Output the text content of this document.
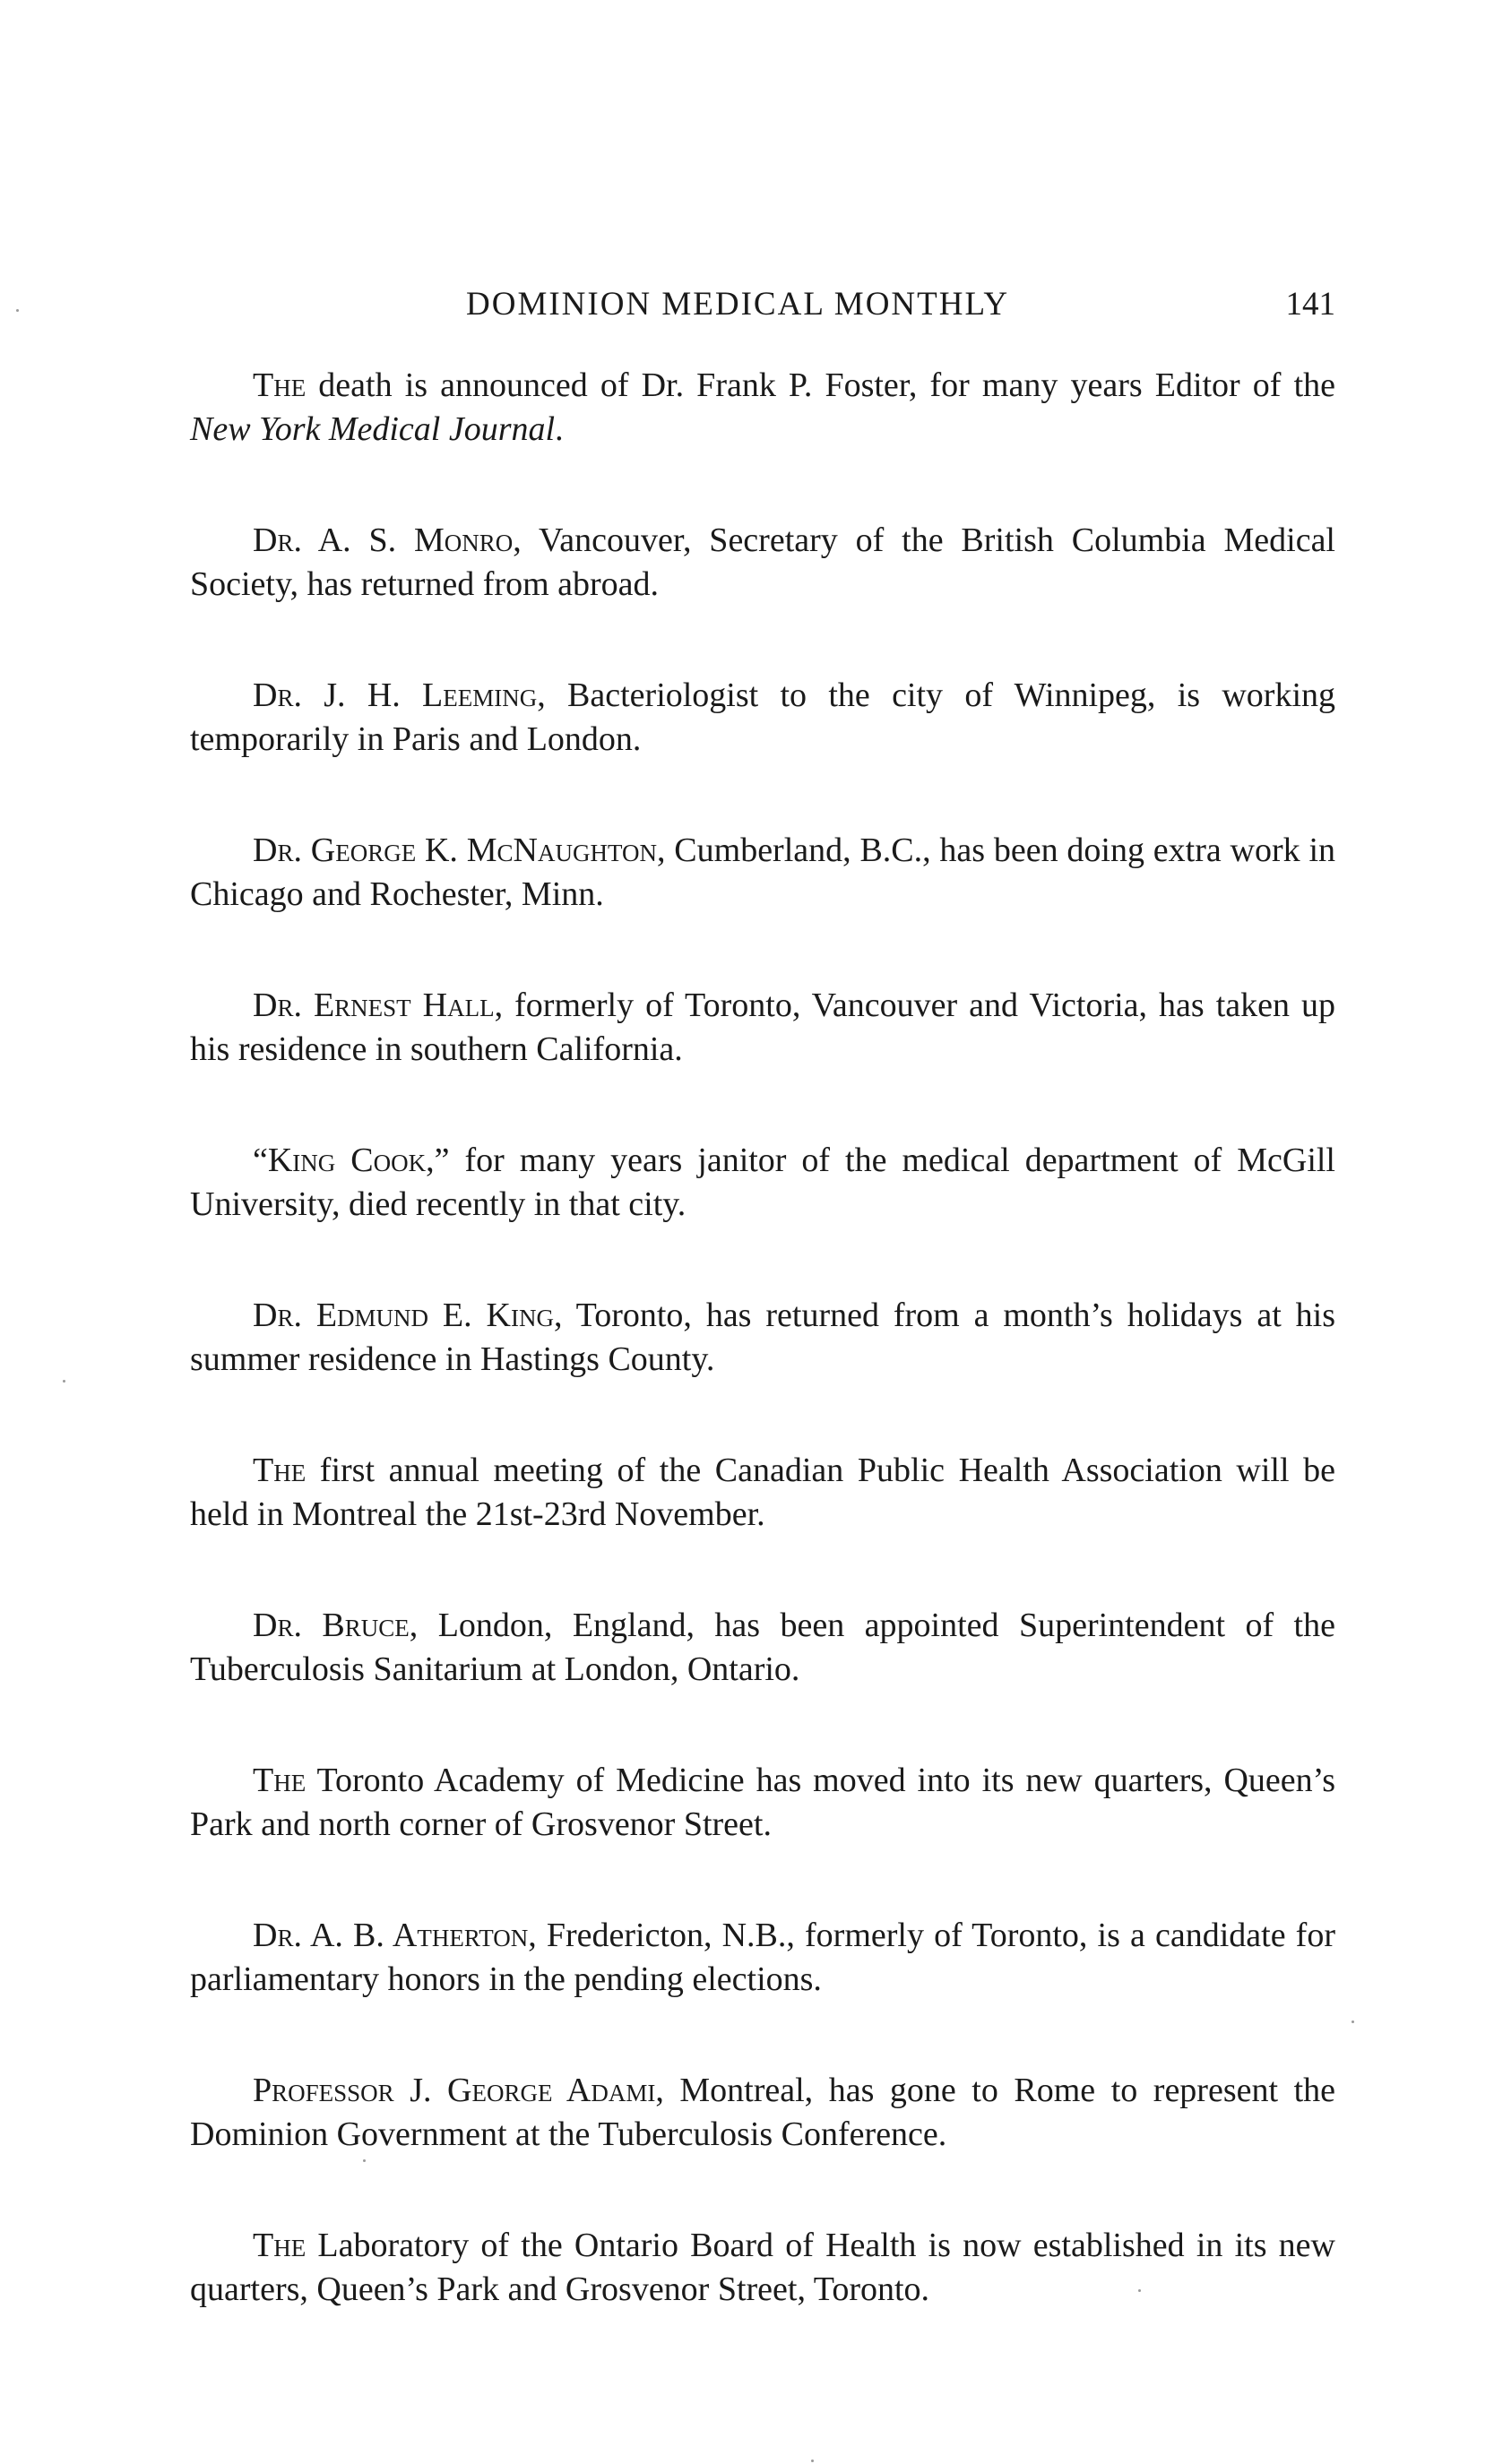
DOMINION MEDICAL MONTHLY	141

The death is announced of Dr. Frank P. Foster, for many years Editor of the New York Medical Journal.

Dr. A. S. Monro, Vancouver, Secretary of the British Columbia Medical Society, has returned from abroad.

Dr. J. H. Leeming, Bacteriologist to the city of Winnipeg, is working temporarily in Paris and London.

Dr. George K. McNaughton, Cumberland, B.C., has been doing extra work in Chicago and Rochester, Minn.

Dr. Ernest Hall, formerly of Toronto, Vancouver and Victoria, has taken up his residence in southern California.

“King Cook,” for many years janitor of the medical department of McGill University, died recently in that city.

Dr. Edmund E. King, Toronto, has returned from a month’s holidays at his summer residence in Hastings County.

The first annual meeting of the Canadian Public Health Association will be held in Montreal the 21st-23rd November.

Dr. Bruce, London, England, has been appointed Superintendent of the Tuberculosis Sanitarium at London, Ontario.

The Toronto Academy of Medicine has moved into its new quarters, Queen’s Park and north corner of Grosvenor Street.

Dr. A. B. Atherton, Fredericton, N.B., formerly of Toronto, is a candidate for parliamentary honors in the pending elections.

Professor J. George Adami, Montreal, has gone to Rome to represent the Dominion Government at the Tuberculosis Conference.

The Laboratory of the Ontario Board of Health is now established in its new quarters, Queen’s Park and Grosvenor Street, Toronto.
